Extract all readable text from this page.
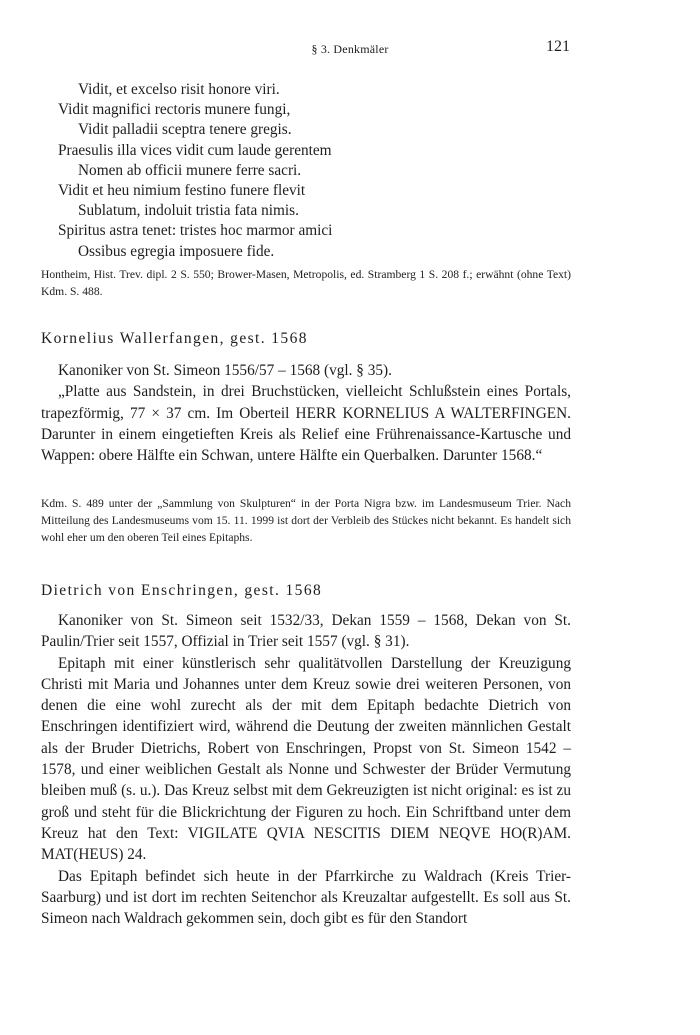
§ 3. Denkmäler	121
Vidit, et excelso risit honore viri.
Vidit magnifici rectoris munere fungi,
Vidit palladii sceptra tenere gregis.
Praesulis illa vices vidit cum laude gerentem
Nomen ab officii munere ferre sacri.
Vidit et heu nimium festino funere flevit
Sublatum, indoluit tristia fata nimis.
Spiritus astra tenet: tristes hoc marmor amici
Ossibus egregia imposuere fide.
Hontheim, Hist. Trev. dipl. 2 S. 550; Brower-Masen, Metropolis, ed. Stramberg 1 S. 208 f.; erwähnt (ohne Text) Kdm. S. 488.
Kornelius Wallerfangen, gest. 1568

Kanoniker von St. Simeon 1556/57 – 1568 (vgl. § 35).

„Platte aus Sandstein, in drei Bruchstücken, vielleicht Schlußstein eines Portals, trapezförmig, 77 × 37 cm. Im Oberteil HERR KORNELIUS A WALTERFINGEN. Darunter in einem eingetieften Kreis als Relief eine Frührenaissance-Kartusche und Wappen: obere Hälfte ein Schwan, untere Hälfte ein Querbalken. Darunter 1568.“

Kdm. S. 489 unter der „Sammlung von Skulpturen“ in der Porta Nigra bzw. im Landesmuseum Trier. Nach Mitteilung des Landesmuseums vom 15. 11. 1999 ist dort der Verbleib des Stückes nicht bekannt. Es handelt sich wohl eher um den oberen Teil eines Epitaphs.
Dietrich von Enschringen, gest. 1568

Kanoniker von St. Simeon seit 1532/33, Dekan 1559 – 1568, Dekan von St. Paulin/Trier seit 1557, Offizial in Trier seit 1557 (vgl. § 31).

Epitaph mit einer künstlerisch sehr qualitätvollen Darstellung der Kreuzigung Christi mit Maria und Johannes unter dem Kreuz sowie drei weiteren Personen, von denen die eine wohl zurecht als der mit dem Epitaph bedachte Dietrich von Enschringen identifiziert wird, während die Deutung der zweiten männlichen Gestalt als der Bruder Dietrichs, Robert von Enschringen, Propst von St. Simeon 1542 – 1578, und einer weiblichen Gestalt als Nonne und Schwester der Brüder Vermutung bleiben muß (s. u.). Das Kreuz selbst mit dem Gekreuzigten ist nicht original: es ist zu groß und steht für die Blickrichtung der Figuren zu hoch. Ein Schriftband unter dem Kreuz hat den Text: VIGILATE QVIA NESCITIS DIEM NEQVE HO(R)AM. MAT(HEUS) 24.

Das Epitaph befindet sich heute in der Pfarrkirche zu Waldrach (Kreis Trier-Saarburg) und ist dort im rechten Seitenchor als Kreuzaltar aufgestellt. Es soll aus St. Simeon nach Waldrach gekommen sein, doch gibt es für den Standort
